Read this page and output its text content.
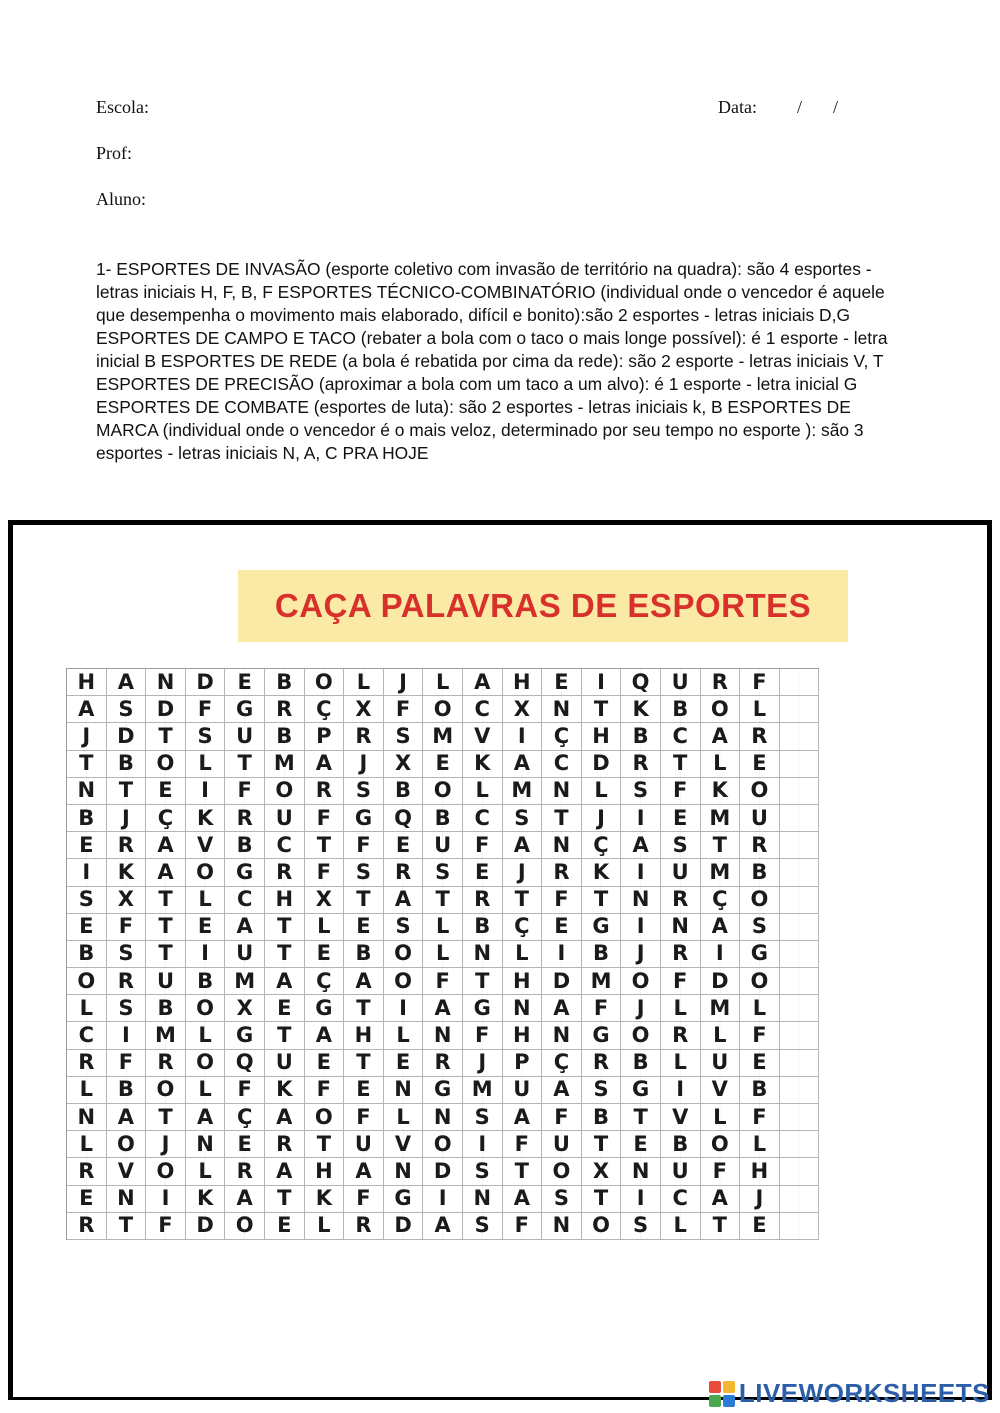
Escola:	Data: / /
Prof:
Aluno:

1- ESPORTES DE INVASÃO (esporte coletivo com invasão de território na quadra): são 4 esportes - letras iniciais H, F, B, F ESPORTES TÉCNICO-COMBINATÓRIO (individual onde o vencedor é aquele que desempenha o movimento mais elaborado, difícil e bonito):são 2 esportes - letras iniciais D,G ESPORTES DE CAMPO E TACO (rebater a bola com o taco o mais longe possível): é 1 esporte - letra inicial B ESPORTES DE REDE (a bola é rebatida por cima da rede): são 2 esporte - letras iniciais V, T ESPORTES DE PRECISÃO (aproximar a bola com um taco a um alvo): é 1 esporte - letra inicial G ESPORTES DE COMBATE (esportes de luta): são 2 esportes - letras iniciais k, B ESPORTES DE MARCA (individual onde o vencedor é o mais veloz, determinado por seu tempo no esporte ): são 3 esportes - letras iniciais N, A, C PRA HOJE

CAÇA PALAVRAS DE ESPORTES
H	A	N	D	E	B	O	L	J	L	A	H	E	I	Q	U	R	F
A	S	D	F	G	R	Ç	X	F	O	C	X	N	T	K	B	O	L
J	D	T	S	U	B	P	R	S	M	V	I	Ç	H	B	C	A	R
T	B	O	L	T	M	A	J	X	E	K	A	C	D	R	T	L	E
N	T	E	I	F	O	R	S	B	O	L	M N	L	S	F	K	O
B	J	Ç	K	R	U	F	G	Q	B	C	S	T	J	I	E	M U
E	R	A	V	B	C	T	F	E	U	F	A	N	Ç	A	S	T	R
I	K	A	O	G	R	F	S	R	S	E	J	R	K	I	U M	B
S	X	T	L	C	H	X	T	A	T	R	T	F	T	N	R	Ç	O
E	F	T	E	A	T	L	E	S	L	B	Ç	E	G	I	N	A	S
B	S	T	I	U	T	E	B	O	L	N	L	I	B	J	R	I	G
O	R	U	B	M	A	Ç	A	O	F	T	H	D M O	F	D	O
L	S	B	O	X	E	G	T	I	A	G	N	A	F	J	L	M	L
C	I	M	L	G	T	A	H	L	N	F	H	N	G	O	R	L	F
R	F	R	O	Q	U	E	T	E	R	J	P	Ç	R	B	L	U	E
L	B	O	L	F	K	F	E	N	G M U	A	S	G	I	V	B
N	A	T	A	Ç	A	O	F	L	N	S	A	F	B	T	V	L	F
L	O	J	N	E	R	T	U	V	O	I	F	U	T	E	B	O	L
R	V	O	L	R	A	H	A	N	D	S	T	O	X	N	U	F	H
E	N	I	K	A	T	K	F	G	I	N	A	S	T	I	C	A	J
R	T	F	D	O	E	L	R	D	A	S	F	N	O	S	L	T	E
LIVEWORKSHEETS
